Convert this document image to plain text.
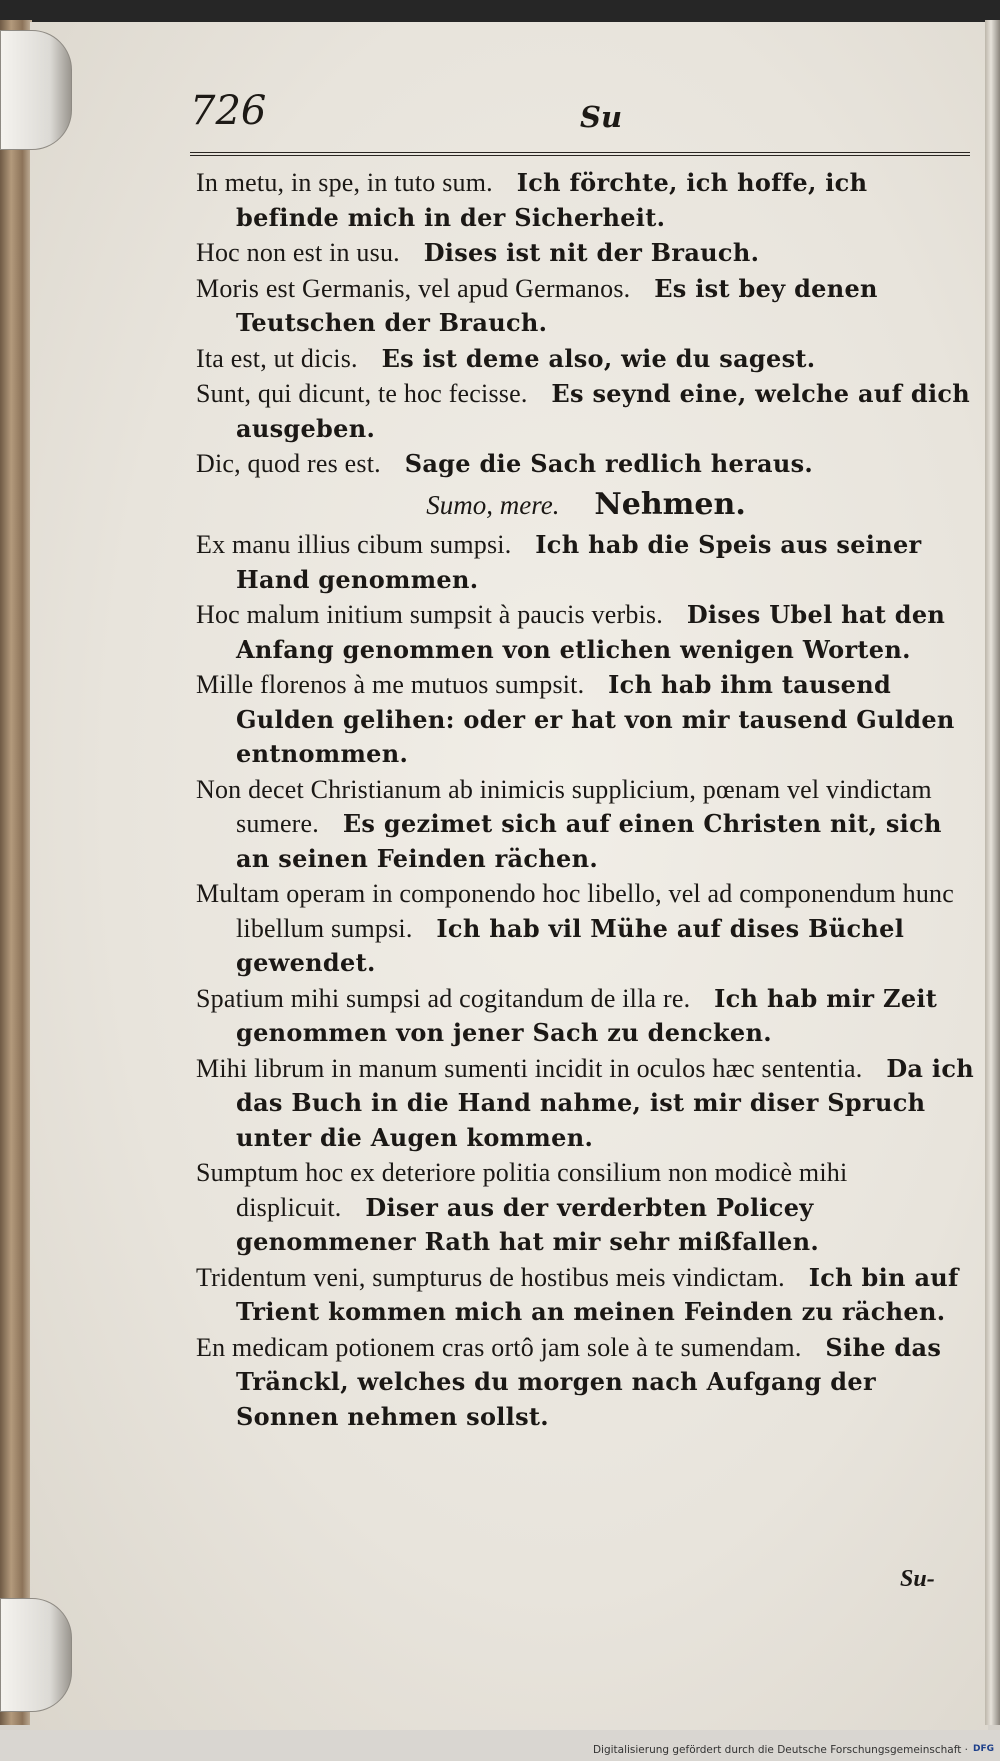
726	Su

In metu, in spe, in tuto sum. Ich förchte, ich hoffe, ich befinde mich in der Sicherheit.

Hoc non est in usu. Dises ist nit der Brauch.

Moris est Germanis, vel apud Germanos. Es ist bey denen Teutschen der Brauch.

Ita est, ut dicis. Es ist deme also, wie du sagest.

Sunt, qui dicunt, te hoc fecisse. Es seynd eine, welche auf dich ausgeben.

Dic, quod res est. Sage die Sach redlich heraus.

Sumo, mere. Nehmen.

Ex manu illius cibum sumpsi. Ich hab die Speis aus seiner Hand genommen.

Hoc malum initium sumpsit à paucis verbis. Dises Ubel hat den Anfang genommen von etlichen wenigen Worten.

Mille florenos à me mutuos sumpsit. Ich hab ihm tausend Gulden gelihen: oder er hat von mir tausend Gulden entnommen.

Non decet Christianum ab inimicis supplicium, pœnam vel vindictam sumere. Es gezimet sich auf einen Christen nit, sich an seinen Feinden rächen.

Multam operam in componendo hoc libello, vel ad componendum hunc libellum sumpsi. Ich hab vil Mühe auf dises Büchel gewendet.

Spatium mihi sumpsi ad cogitandum de illa re. Ich hab mir Zeit genommen von jener Sach zu dencken.

Mihi librum in manum sumenti incidit in oculos hæc sententia. Da ich das Buch in die Hand nahme, ist mir diser Spruch unter die Augen kommen.

Sumptum hoc ex deteriore politia consilium non modicè mihi displicuit. Diser aus der verderbten Policey genommener Rath hat mir sehr mißfallen.

Tridentum veni, sumpturus de hostibus meis vindictam. Ich bin auf Trient kommen mich an meinen Feinden zu rächen.

En medicam potionem cras ortô jam sole à te sumendam. Sihe das Tränckl, welches du morgen nach Aufgang der Sonnen nehmen sollst.

Su-
Digitalisierung gefördert durch die Deutsche Forschungsgemeinschaft · DFG
